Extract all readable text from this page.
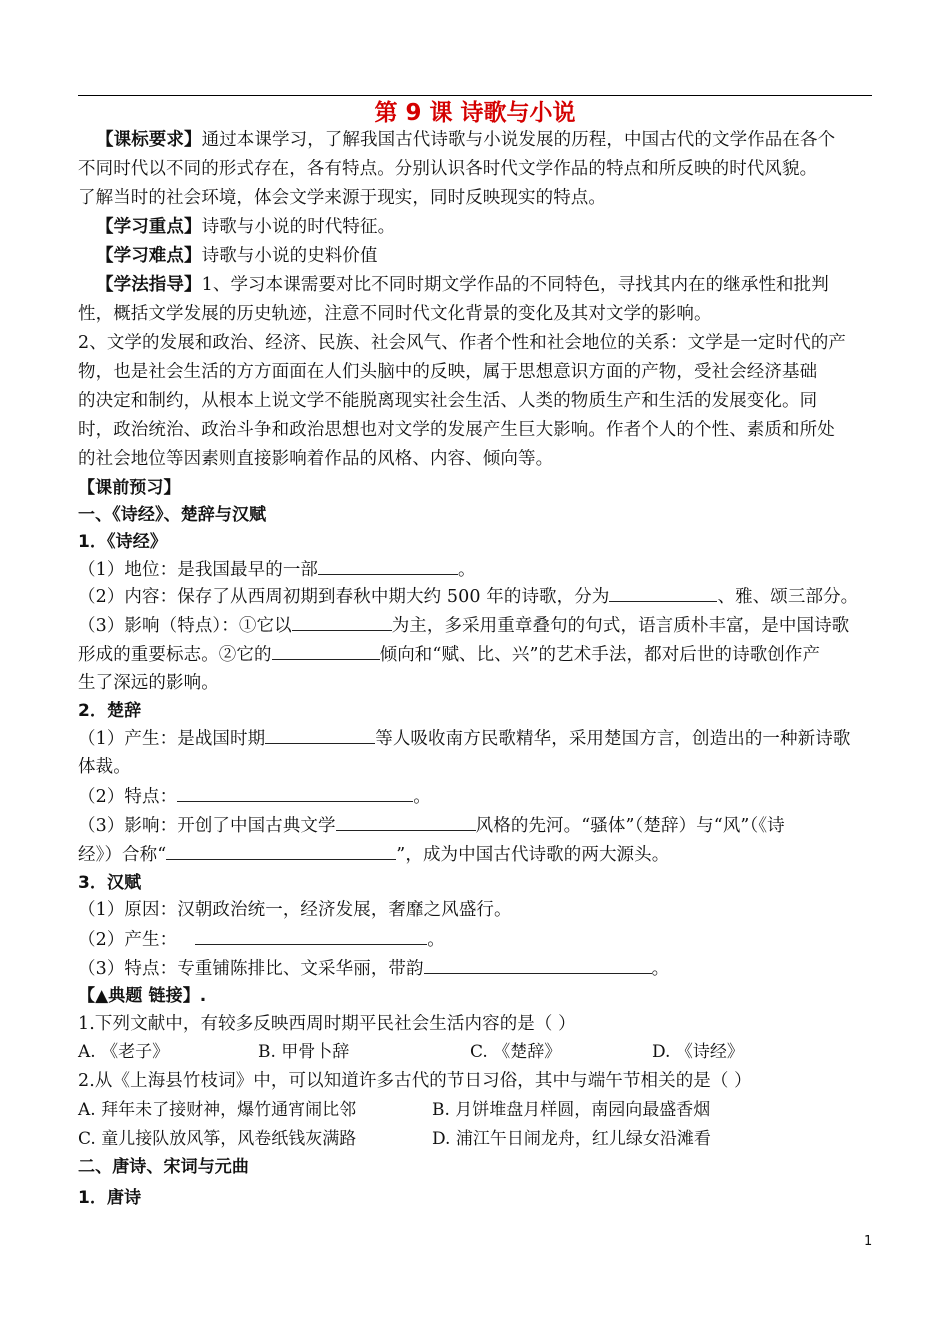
第 9 课 诗歌与小说
【课标要求】通过本课学习，了解我国古代诗歌与小说发展的历程，中国古代的文学作品在各个
不同时代以不同的形式存在，各有特点。分别认识各时代文学作品的特点和所反映的时代风貌。
了解当时的社会环境，体会文学来源于现实，同时反映现实的特点。
【学习重点】诗歌与小说的时代特征。
【学习难点】诗歌与小说的史料价值
【学法指导】1、学习本课需要对比不同时期文学作品的不同特色，寻找其内在的继承性和批判
性，概括文学发展的历史轨迹，注意不同时代文化背景的变化及其对文学的影响。
2、文学的发展和政治、经济、民族、社会风气、作者个性和社会地位的关系：文学是一定时代的产
物，也是社会生活的方方面面在人们头脑中的反映，属于思想意识方面的产物，受社会经济基础
的决定和制约，从根本上说文学不能脱离现实社会生活、人类的物质生产和生活的发展变化。同
时，政治统治、政治斗争和政治思想也对文学的发展产生巨大影响。作者个人的个性、素质和所处
的社会地位等因素则直接影响着作品的风格、内容、倾向等。
【课前预习】
一、《诗经》、楚辞与汉赋
1．《诗经》
（1）地位：是我国最早的一部	。
（2）内容：保存了从西周初期到春秋中期大约 500 年的诗歌，分为	、雅、颂三部分。
（3）影响（特点）：①它以	为主，多采用重章叠句的句式，语言质朴丰富，是中国诗歌
形成的重要标志。②它的	倾向和“赋、比、兴”的艺术手法，都对后世的诗歌创作产
生了深远的影响。
2．楚辞
（1）产生：是战国时期	等人吸收南方民歌精华，采用楚国方言，创造出的一种新诗歌
体裁。
（2）特点：	。
（3）影响：开创了中国古典文学	风格的先河。“骚体”（楚辞）与“风”（《诗
经》）合称“	”，成为中国古代诗歌的两大源头。
3．汉赋
（1）原因：汉朝政治统一，经济发展，奢靡之风盛行。
（2）产生：	。
（3）特点：专重铺陈排比、文采华丽，带韵	。
【▲典题 链接】.
1.下列文献中，有较多反映西周时期平民社会生活内容的是（ ）
A. 《老子》	B. 甲骨卜辞	C. 《楚辞》	D. 《诗经》
2.从《上海县竹枝词》中，可以知道许多古代的节日习俗，其中与端午节相关的是（ ）
A. 拜年未了接财神，爆竹通宵闹比邻	B. 月饼堆盘月样圆，南园向最盛香烟
C. 童儿接队放风筝，风卷纸钱灰满路	D. 浦江午日闹龙舟，红儿绿女沿滩看
二、唐诗、宋词与元曲
1．唐诗
1
